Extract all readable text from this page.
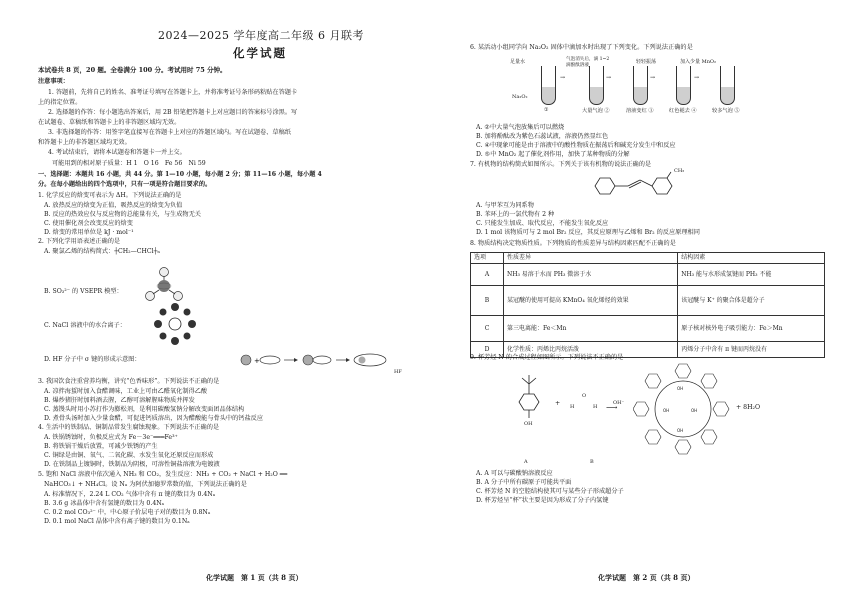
2024—2025 学年度高二年级 6 月联考
化学试题
本试卷共 8 页，20 题。全卷满分 100 分。考试用时 75 分钟。
注意事项：
1. 答题前，先将自己的姓名、准考证号填写在答题卡上，并将准考证号条形码粘贴在答题卡
上的指定位置。
2. 选择题的作答：每小题选出答案后，用 2B 铅笔把答题卡上对应题目的答案标号涂黑。写
在试题卷、草稿纸和答题卡上的非答题区域均无效。
3. 非选择题的作答：用签字笔直接写在答题卡上对应的答题区域内。写在试题卷、草稿纸
和答题卡上的非答题区域均无效。
4. 考试结束后，请将本试题卷和答题卡一并上交。
可能用到的相对原子质量：H 1　O 16　Fe 56　Ni 59
一、选择题：本题共 16 小题，共 44 分。第 1—10 小题，每小题 2 分；第 11—16 小题，每小题 4
分。在每小题给出的四个选项中，只有一项是符合题目要求的。
1. 化学反应的焓变可表示为 ΔH。下列说法正确的是
A. 放热反应的焓变为正值，吸热反应的焓变为负值
B. 反应的热效应仅与反应物的总能量有关，与生成物无关
C. 使用催化剂会改变反应的焓变
D. 焓变的常用单位是 kJ · mol⁻¹
2. 下列化学用语表述正确的是
A. 聚氯乙烯的结构简式：┼CH₂—CHCl┼ₙ
B. SO₃²⁻ 的 VSEPR 模型：
C. NaCl 溶液中的水合离子：
D. HF 分子中 σ 键的形成示意图：	+
HF
3. 我国饮食注重营养均衡，讲究“色香味形”。下列说法不正确的是
A. 凉拌海蜇时加入食醋调味，工业上可由乙醛氧化制得乙酸
B. 爆炒猪肝时加料酒去腥，乙醇可溶解腥味物质并挥发
C. 蒸馒头时用小苏打作为膨松剂，是利用碳酸氢钠分解改变面团品体结构
D. 煮骨头汤时加入少量食醋，可促进钙质溶出，因为醋酸能与骨头中的钙盐反应
4. 生活中的铁制品、铜制品常发生腐蚀现象。下列说法不正确的是
A. 铁锅锈蚀时，负极反应式为 Fe－3e⁻═══Fe³⁺
B. 将铁锅干燥后放置，可减少铁锈的产生
C. 铜绿是由铜、氧气、二氧化碳、水发生氧化还原反应而形成
D. 在铁制品上镀铜时，铁制品为阴极，可溶性铜盐溶液为电镀液
5. 饱和 NaCl 溶液中依次通入 NH₃ 和 CO₂，发生反应：NH₃ + CO₂ + NaCl + H₂O ══
NaHCO₃↓ + NH₄Cl。设 Nₐ 为阿伏加德罗常数的值，下列说法正确的是
A. 标准情况下，2.24 L CO₂ 气体中含有 π 键的数目为 0.4Nₐ
B. 3.6 g 冰晶体中含有氢键的数目为 0.4Nₐ
C. 0.2 mol CO₃²⁻ 中，中心原子价层电子对的数目为 0.8Nₐ
D. 0.1 mol NaCl 晶体中含有离子键的数目为 0.1Nₐ
化学试题　第 1 页（共 8 页）
6. 某活动小组同学向 Na₂O₂ 固体中滴加水时出现了下列变化。下列说法正确的是
足量水	气泡消失后，滴 1~2 滴酚酞溶液
轻轻振荡	加入少量 MnO₂
Na₂O₂
→	→	→	→
①	大量气泡 ②	溶液变红 ③	红色褪去 ④	较多气泡 ⑤
A. ②中大量气泡放集后可以燃烧
B. 加将酚酞改为紫色石蕊试液，溶液仍然显红色
C. ④中现象可能是由于溶液中的酸性物质在振荡后和碱充分发生中和反应
D. ⑤中 MnO₂ 起了催化剂作用，加快了某种物质的分解
7. 有机物的结构简式如图所示。下列关于该有机物的说法正确的是
CH₃
A. 与甲苯互为同系物
B. 苯环上的一氯代物有 2 种
C. 只能发生加成、取代反应，不能发生氧化反应
D. 1 mol 该物质可与 2 mol Br₂ 反应，其反应原理与乙烯和 Br₂ 的反应原理相同
8. 物质结构决定物质性质。下列物质的性质差异与结构因素匹配不正确的是
选项	性质差异	结构因素
A	NH₃ 易溶于水而 PH₃ 微溶于水	NH₃ 能与水形成氢键而 PH₃ 不能
B	某冠醚的使用可提高 KMnO₄ 氧化烯烃的效果	该冠醚与 K⁺ 的聚合体是超分子
C	第三电离能：Fe＜Mn	原子核对核外电子吸引能力：Fe＞Mn
D	化学性质：丙烯比丙烷活泼	丙烯分子中含有 π 键而丙烷没有
9. 杯芳烃 N 的合成过程如图所示。下列说法不正确的是
OH
+ H
O
H
OH⁻
⟶
OH
OH
OH	OH	+ 8H₂O
A	B
A. A 可以与碳酸钠溶液反应
B. A 分子中所有碳原子可能共平面
C. 杯芳烃 N 的空腔结构使其可与某些分子形成超分子
D. 杯芳烃呈“杯”状主要是因为形成了分子内氢键
化学试题　第 2 页（共 8 页）
